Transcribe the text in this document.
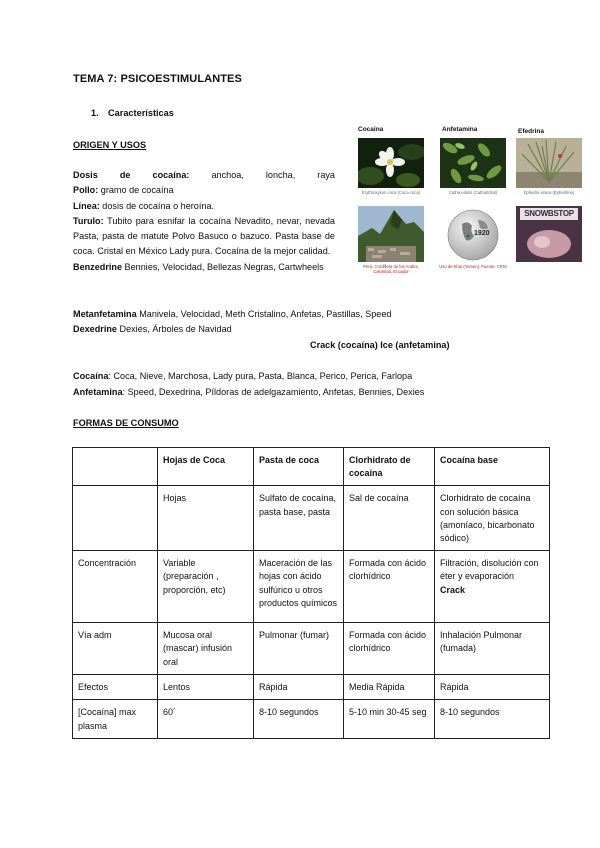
TEMA 7: PSICOESTIMULANTES
1. Características
ORIGEN Y USOS

Dosis de cocaína: anchoa, loncha, raya

Pollo: gramo de cocaína

Línea: dosis de cocaína o heroína.

Turulo: Tubito para esnifar la cocaína Nevadito, nevar, nevada Pasta, pasta de matute Polvo Basuco o bazuco. Pasta base de coca. Cristal en México Lady pura. Cocaína de la mejor calidad.

Benzedrine Bennies, Velocidad, Bellezas Negras, Cartwheels

Metanfetamina Manivela, Velocidad, Meth Cristalino, Anfetas, Pastillas, Speed
Dexedrine Dexies, Árboles de Navidad
Crack (cocaína) Ice (anfetamina)
Cocaína: Coca, Nieve, Marchosa, Lady pura, Pasta, Blanca, Perico, Perica, Farlopa
Anfetamina: Speed, Dexedrina, Píldoras de adelgazamiento, Anfetas, Bennies, Dexies
Cocaína	Anfetamina	Efedrina
Erythroxylum coca (Coca coca)	Catha edulis (Catha/Khat)	Ephedra sinica (Ephedrine)
Perú, Cordillera de los Andes, Colombia, Ecuador
1920
Uso de Khat (Yemen), Fuente: CRIS
SNOWBSTOP
FORMAS DE CONSUMO
	Hojas de Coca	Pasta de coca	Clorhidrato de cocaína	Cocaína base
	Hojas	Sulfato de cocaína, pasta base, pasta	Sal de cocaína	Clorhidrato de cocaína con solución básica (amoníaco, bicarbonato sódico)
Concentración	Variable (preparación , proporción, etc)	Maceración de las hojas con ácido sulfúrico u otros productos químicos	Formada con ácido clorhídrico	Filtración, disolución con éter y evaporación
Crack
Vía adm	Mucosa oral (mascar) infusión oral	Pulmonar (fumar)	Formada con ácido clorhídrico	Inhalación Pulmonar (fumada)
Efectos	Lentos	Rápida	Media Rápida	Rápida
[Cocaína] max plasma	60´	8-10 segundos	5-10 min 30-45 seg	8-10 segundos
